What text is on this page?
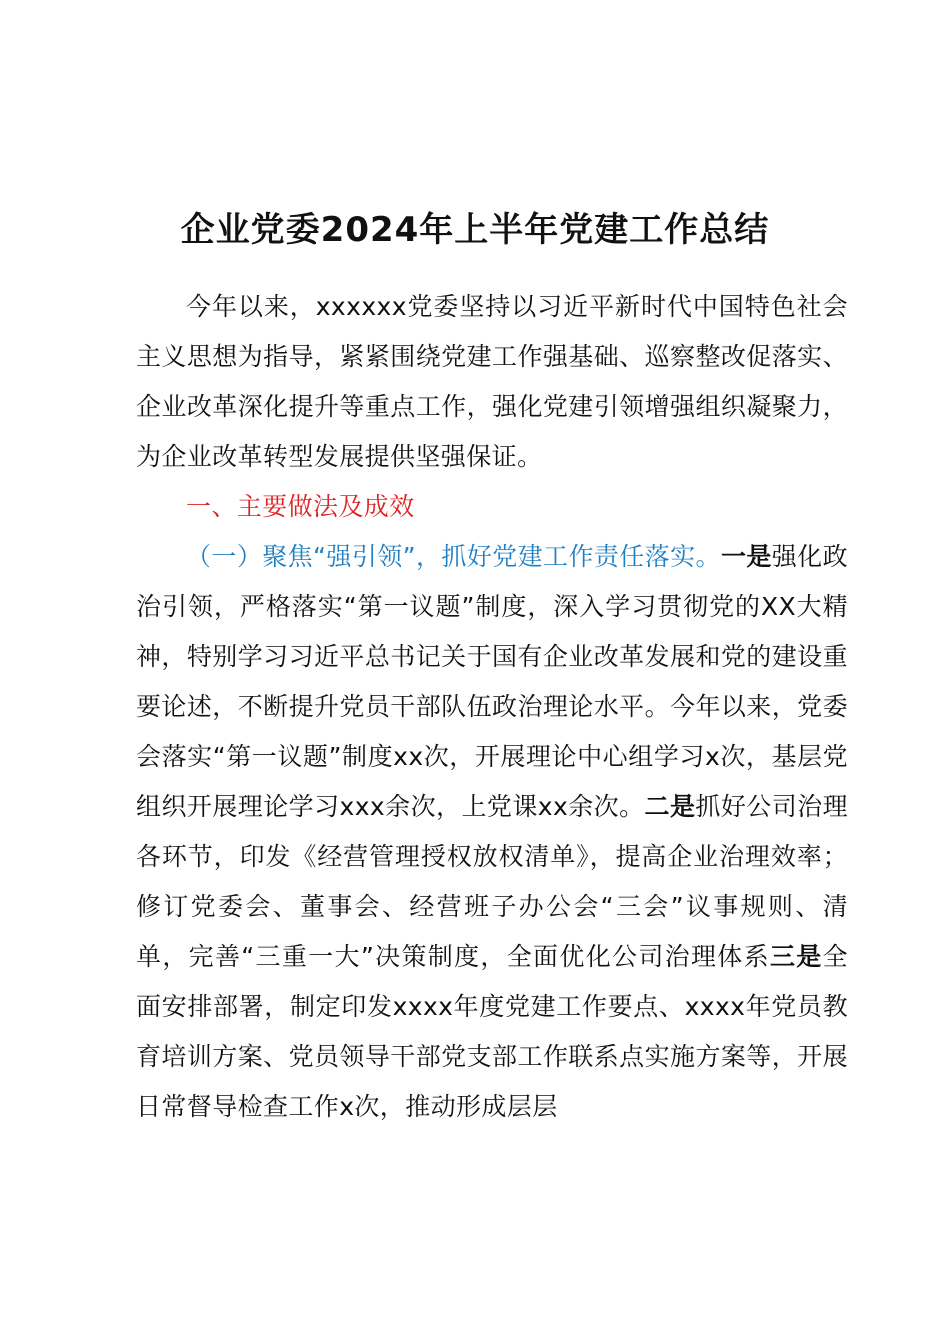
企业党委2024年上半年党建工作总结

今年以来，xxxxxx党委坚持以习近平新时代中国特色社会主义思想为指导，紧紧围绕党建工作强基础、巡察整改促落实、企业改革深化提升等重点工作，强化党建引领增强组织凝聚力，为企业改革转型发展提供坚强保证。

一、主要做法及成效

（一）聚焦“强引领”，抓好党建工作责任落实。一是强化政治引领，严格落实“第一议题”制度，深入学习贯彻党的XX大精神，特别学习习近平总书记关于国有企业改革发展和党的建设重要论述，不断提升党员干部队伍政治理论水平。今年以来，党委会落实“第一议题”制度xx次，开展理论中心组学习x次，基层党组织开展理论学习xxx余次，上党课xx余次。二是抓好公司治理各环节，印发《经营管理授权放权清单》，提高企业治理效率；修订党委会、董事会、经营班子办公会“三会”议事规则、清单，完善“三重一大”决策制度，全面优化公司治理体系三是全面安排部署，制定印发xxxx年度党建工作要点、xxxx年党员教育培训方案、党员领导干部党支部工作联系点实施方案等，开展日常督导检查工作x次，推动形成层层
